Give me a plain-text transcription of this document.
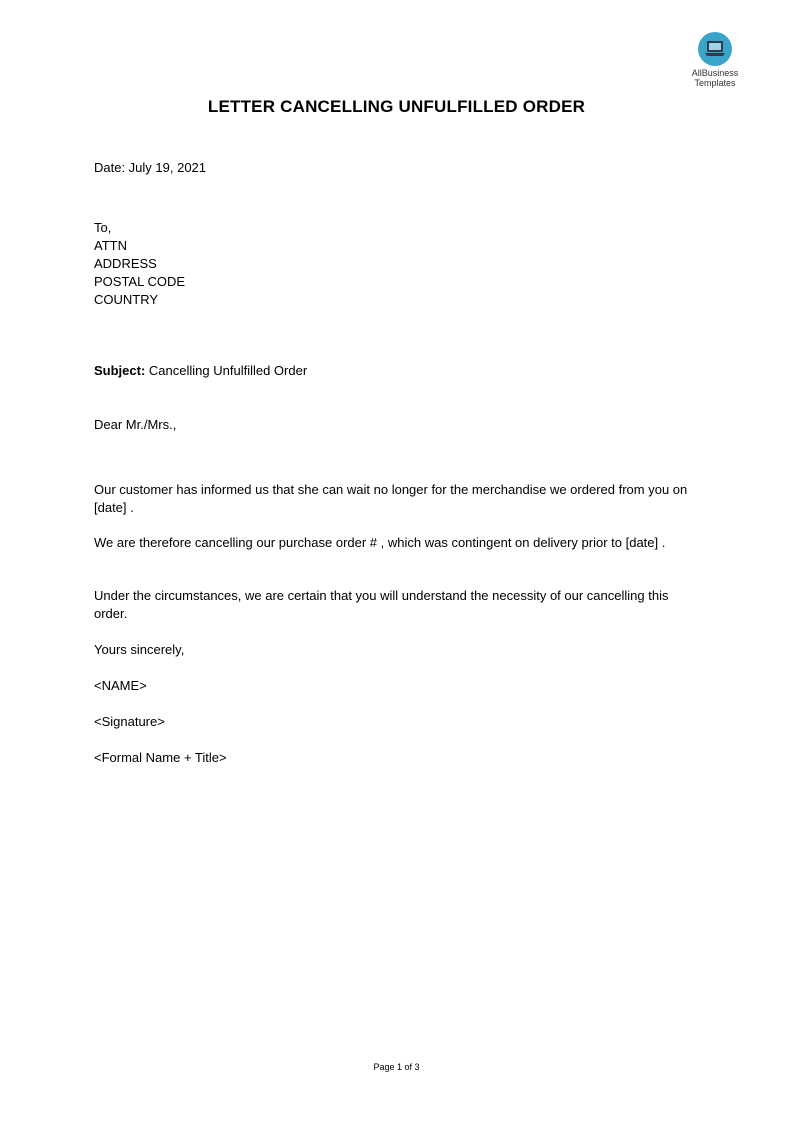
AllBusiness
Templates
LETTER CANCELLING UNFULFILLED ORDER
Date: July 19, 2021
To,
ATTN
ADDRESS
POSTAL CODE
COUNTRY
Subject: Cancelling Unfulfilled Order
Dear Mr./Mrs.,
Our customer has informed us that she can wait no longer for the merchandise we ordered from you on [date] .
We are therefore cancelling our purchase order # , which was contingent on delivery prior to [date] .
Under the circumstances, we are certain that you will understand the necessity of our cancelling this order.
Yours sincerely,
<NAME>
<Signature>
<Formal Name + Title>
Page 1 of 3
